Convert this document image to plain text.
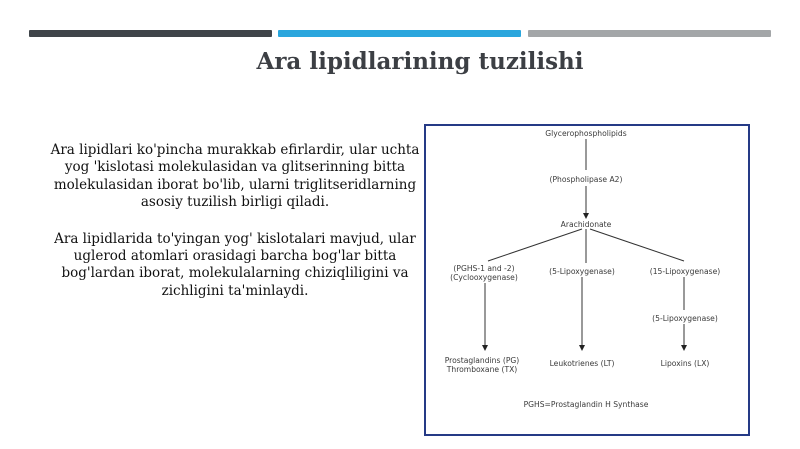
Ara lipidlarining tuzilishi

Ara lipidlari ko'pincha murakkab efirlardir, ular uchta yog 'kislotasi molekulasidan va glitserinning bitta molekulasidan iborat bo'lib, ularni triglitseridlarning asosiy tuzilish birligi qiladi.

Ara lipidlarida to'yingan yog' kislotalari mavjud, ular uglerod atomlari orasidagi barcha bog'lar bitta bog'lardan iborat, molekulalarning chiziqliligini va zichligini ta'minlaydi.

Glycerophospholipids
(Phospholipase A2)
Arachidonate
(PGHS-1 and -2)
(Cyclooxygenase)
(5-Lipoxygenase)	(15-Lipoxygenase)
(5-Lipoxygenase)
Prostaglandins (PG)
Thromboxane (TX)
Leukotrienes (LT)	Lipoxins (LX)
PGHS=Prostaglandin H Synthase
